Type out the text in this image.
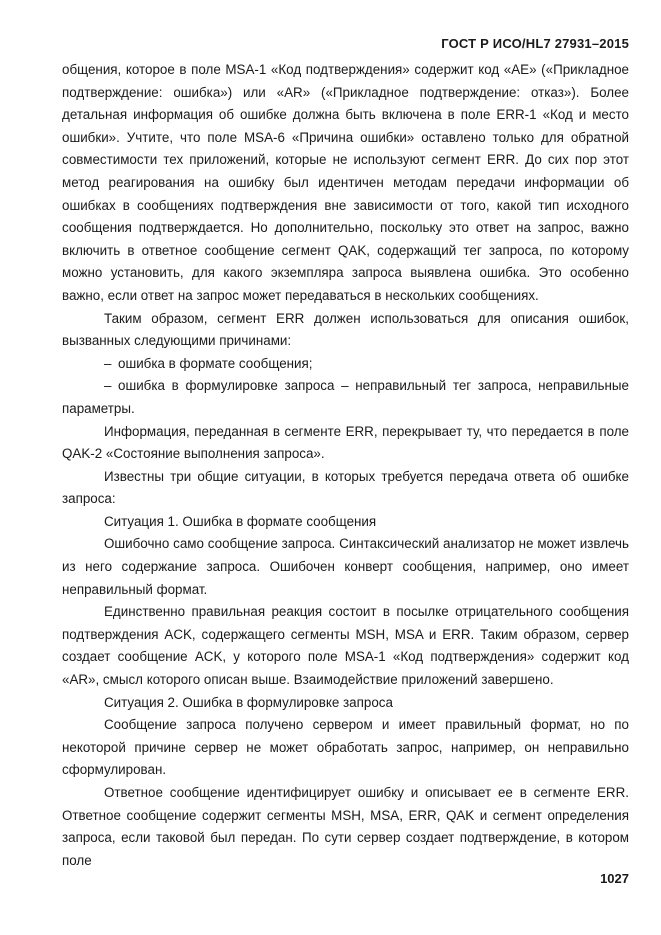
ГОСТ Р ИСО/HL7 27931–2015

общения, которое в поле MSA-1 «Код подтверждения» содержит код «AE» («Прикладное подтверждение: ошибка») или «AR» («Прикладное подтверждение: отказ»). Более детальная информация об ошибке должна быть включена в поле ERR-1 «Код и место ошибки». Учтите, что поле MSA-6 «Причина ошибки» оставлено только для обратной совместимости тех приложений, которые не используют сегмент ERR. До сих пор этот метод реагирования на ошибку был идентичен методам передачи информации об ошибках в сообщениях подтверждения вне зависимости от того, какой тип исходного сообщения подтверждается. Но дополнительно, поскольку это ответ на запрос, важно включить в ответное сообщение сегмент QAK, содержащий тег запроса, по которому можно установить, для какого экземпляра запроса выявлена ошибка. Это особенно важно, если ответ на запрос может передаваться в нескольких сообщениях.

Таким образом, сегмент ERR должен использоваться для описания ошибок, вызванных следующими причинами:

– ошибка в формате сообщения;

– ошибка в формулировке запроса – неправильный тег запроса, неправильные параметры.

Информация, переданная в сегменте ERR, перекрывает ту, что передается в поле QAK-2 «Состояние выполнения запроса».

Известны три общие ситуации, в которых требуется передача ответа об ошибке запроса:

Ситуация 1. Ошибка в формате сообщения

Ошибочно само сообщение запроса. Синтаксический анализатор не может извлечь из него содержание запроса. Ошибочен конверт сообщения, например, оно имеет неправильный формат.

Единственно правильная реакция состоит в посылке отрицательного сообщения подтверждения ACK, содержащего сегменты MSH, MSA и ERR. Таким образом, сервер создает сообщение ACK, у которого поле MSA-1 «Код подтверждения» содержит код «AR», смысл которого описан выше. Взаимодействие приложений завершено.

Ситуация 2. Ошибка в формулировке запроса

Сообщение запроса получено сервером и имеет правильный формат, но по некоторой причине сервер не может обработать запрос, например, он неправильно сформулирован.

Ответное сообщение идентифицирует ошибку и описывает ее в сегменте ERR. Ответное сообщение содержит сегменты MSH, MSA, ERR, QAK и сегмент определения запроса, если таковой был передан. По сути сервер создает подтверждение, в котором поле

1027
